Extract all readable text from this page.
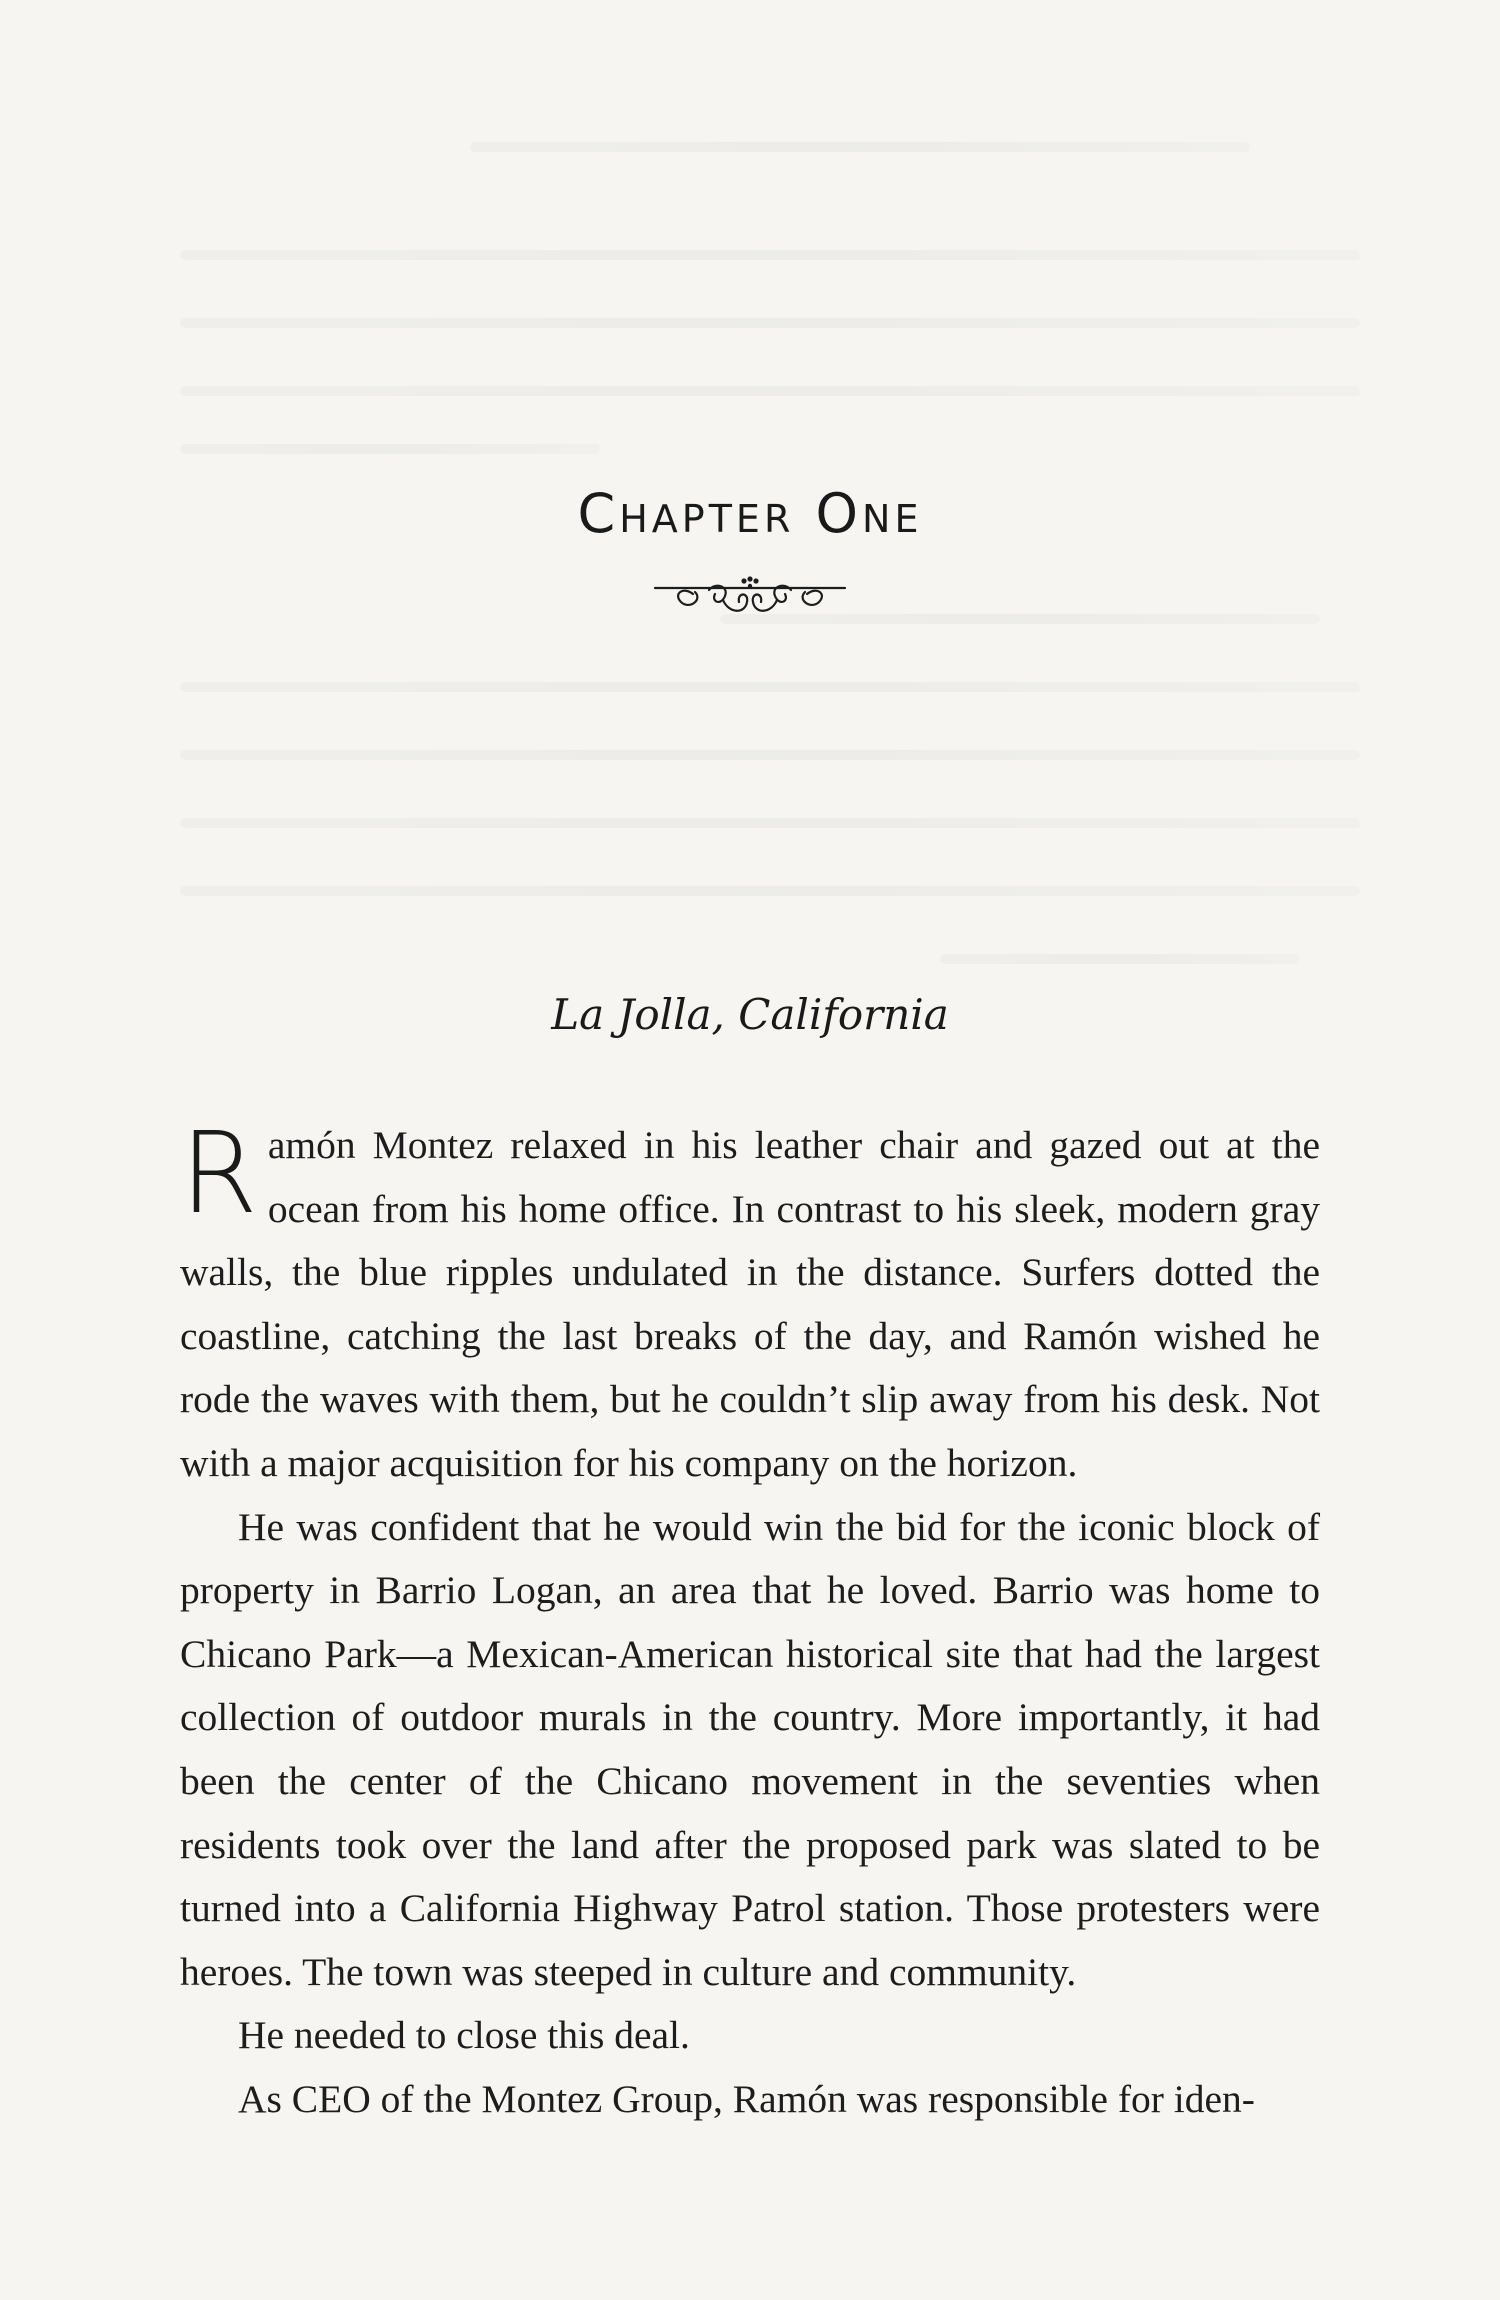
Chapter One

La Jolla, California

Ramón Montez relaxed in his leather chair and gazed out at the ocean from his home office. In contrast to his sleek, modern gray walls, the blue ripples undulated in the distance. Surfers dotted the coastline, catching the last breaks of the day, and Ramón wished he rode the waves with them, but he couldn’t slip away from his desk. Not with a major acquisition for his company on the horizon.

He was confident that he would win the bid for the iconic block of property in Barrio Logan, an area that he loved. Barrio was home to Chicano Park—a Mexican-American historical site that had the largest collection of outdoor murals in the country. More importantly, it had been the center of the Chicano movement in the seventies when residents took over the land after the proposed park was slated to be turned into a California Highway Patrol station. Those protesters were heroes. The town was steeped in culture and community.

He needed to close this deal.

As CEO of the Montez Group, Ramón was responsible for iden-
